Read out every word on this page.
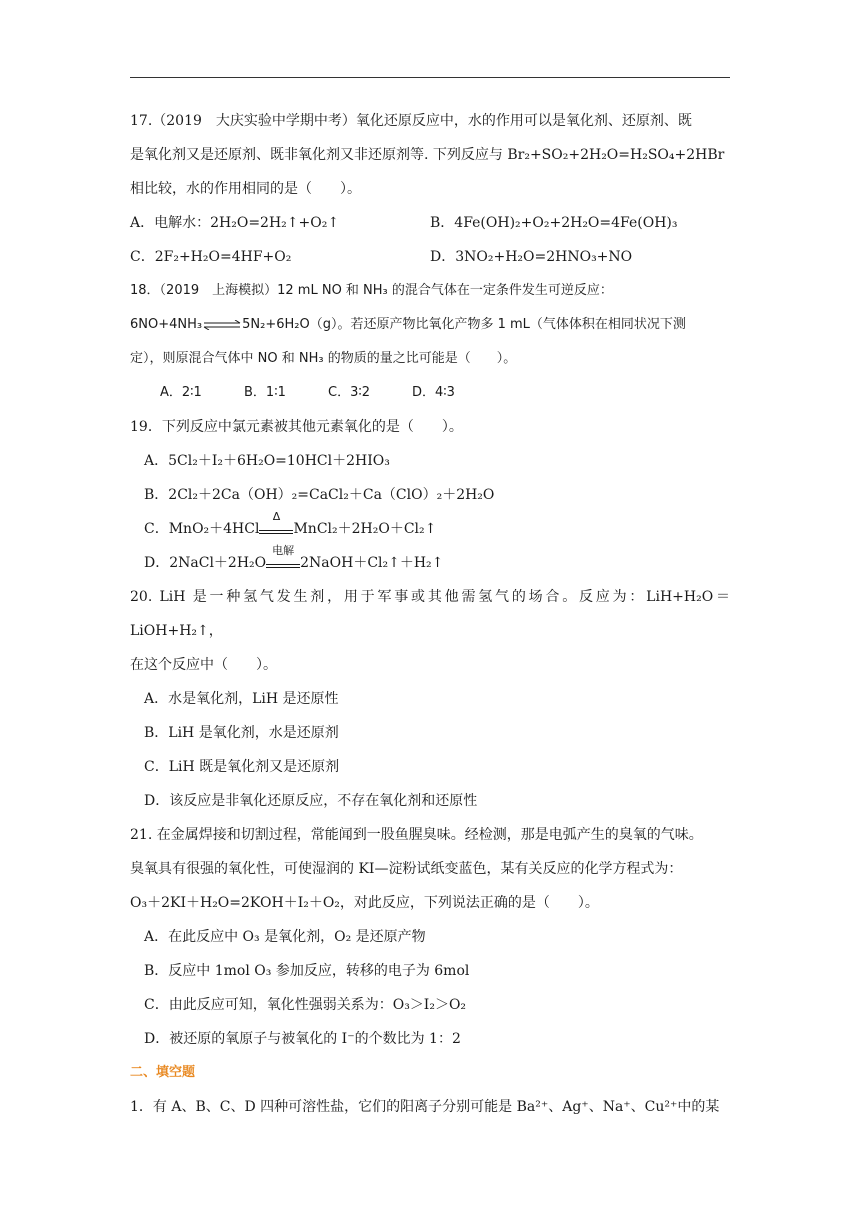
17.（2019　大庆实验中学期中考）氧化还原反应中，水的作用可以是氧化剂、还原剂、既

是氧化剂又是还原剂、既非氧化剂又非还原剂等. 下列反应与 Br₂+SO₂+2H₂O=H₂SO₄+2HBr

相比较，水的作用相同的是（　　）。

A．电解水：2H₂O=2H₂↑+O₂↑	B．4Fe(OH)₂+O₂+2H₂O=4Fe(OH)₃
C．2F₂+H₂O=4HF+O₂	D．3NO₂+H₂O=2HNO₃+NO

18．（2019　上海模拟）12 mL NO 和 NH₃ 的混合气体在一定条件发生可逆反应：

6NO+4NH₃⇌5N₂+6H₂O（g）。若还原产物比氧化产物多 1 mL（气体体积在相同状况下测

定），则原混合气体中 NO 和 NH₃ 的物质的量之比可能是（　　）。

A．2∶1	B．1∶1	C．3∶2	D．4∶3

19．下列反应中氯元素被其他元素氧化的是（　　）。

A．5Cl₂＋I₂＋6H₂O=10HCl＋2HIO₃

B．2Cl₂＋2Ca（OH）₂=CaCl₂＋Ca（ClO）₂＋2H₂O

C．MnO₂＋4HCl
Δ
MnCl₂＋2H₂O＋Cl₂↑

D．2NaCl＋2H₂O
电解
2NaOH＋Cl₂↑＋H₂↑

20. LiH 是一种氢气发生剂，用于军事或其他需氢气的场合。反应为：LiH+H₂O＝LiOH+H₂↑，

在这个反应中（　　）。

A．水是氧化剂，LiH 是还原性

B．LiH 是氧化剂，水是还原剂

C．LiH 既是氧化剂又是还原剂

D．该反应是非氧化还原反应，不存在氧化剂和还原性

21. 在金属焊接和切割过程，常能闻到一股鱼腥臭味。经检测，那是电弧产生的臭氧的气味。

臭氧具有很强的氧化性，可使湿润的 KI—淀粉试纸变蓝色，某有关反应的化学方程式为：

O₃＋2KI＋H₂O=2KOH＋I₂＋O₂，对此反应，下列说法正确的是（　　）。

A．在此反应中 O₃ 是氧化剂，O₂ 是还原产物

B．反应中 1mol O₃ 参加反应，转移的电子为 6mol

C．由此反应可知，氧化性强弱关系为：O₃＞I₂＞O₂

D．被还原的氧原子与被氧化的 I⁻的个数比为 1：2

二、填空题

1．有 A、B、C、D 四种可溶性盐，它们的阳离子分别可能是 Ba²⁺、Ag⁺、Na⁺、Cu²⁺中的某
